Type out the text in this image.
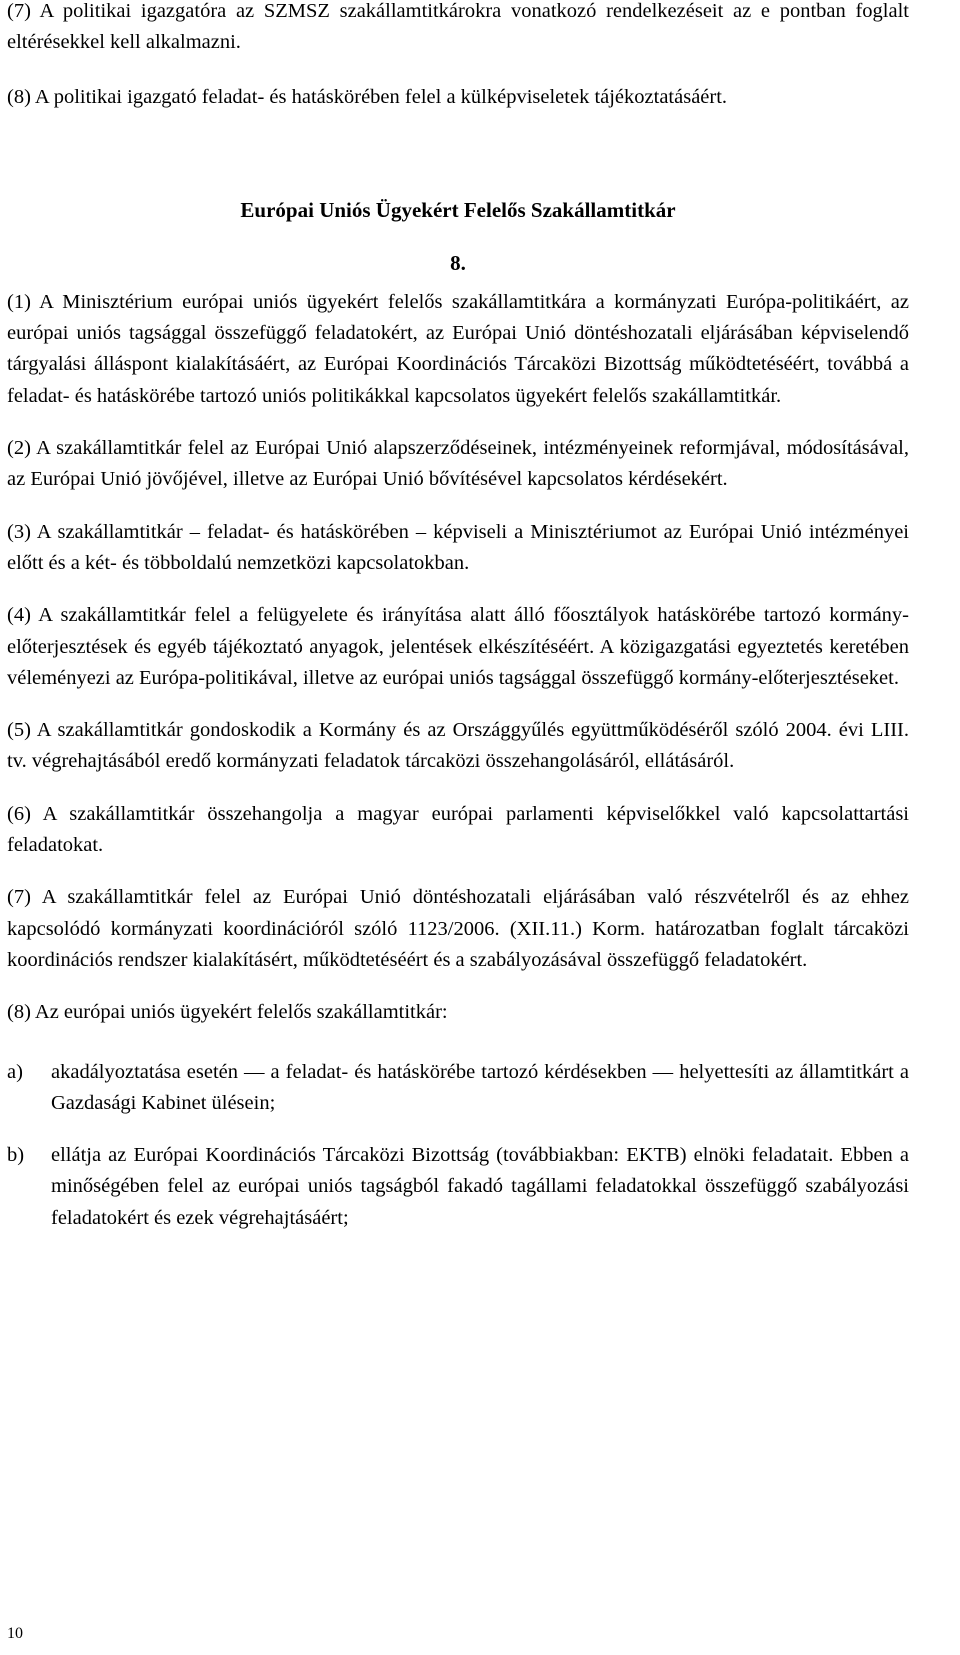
(7) A politikai igazgatóra az SZMSZ szakállamtitkárokra vonatkozó rendelkezéseit az e pontban foglalt eltérésekkel kell alkalmazni.

(8) A politikai igazgató feladat- és hatáskörében felel a külképviseletek tájékoztatásáért.

Európai Uniós Ügyekért Felelős Szakállamtitkár
8.

(1) A Minisztérium európai uniós ügyekért felelős szakállamtitkára a kormányzati Európa-politikáért, az európai uniós tagsággal összefüggő feladatokért, az Európai Unió döntéshozatali eljárásában képviselendő tárgyalási álláspont kialakításáért, az Európai Koordinációs Tárcaközi Bizottság működtetéséért, továbbá a feladat- és hatáskörébe tartozó uniós politikákkal kapcsolatos ügyekért felelős szakállamtitkár.

(2) A szakállamtitkár felel az Európai Unió alapszerződéseinek, intézményeinek reformjával, módosításával, az Európai Unió jövőjével, illetve az Európai Unió bővítésével kapcsolatos kérdésekért.

(3) A szakállamtitkár – feladat- és hatáskörében – képviseli a Minisztériumot az Európai Unió intézményei előtt és a két- és többoldalú nemzetközi kapcsolatokban.

(4) A szakállamtitkár felel a felügyelete és irányítása alatt álló főosztályok hatáskörébe tartozó kormány-előterjesztések és egyéb tájékoztató anyagok, jelentések elkészítéséért. A közigazgatási egyeztetés keretében véleményezi az Európa-politikával, illetve az európai uniós tagsággal összefüggő kormány-előterjesztéseket.

(5) A szakállamtitkár gondoskodik a Kormány és az Országgyűlés együttműködéséről szóló 2004. évi LIII. tv. végrehajtásából eredő kormányzati feladatok tárcaközi összehangolásáról, ellátásáról.

(6) A szakállamtitkár összehangolja a magyar európai parlamenti képviselőkkel való kapcsolattartási feladatokat.

(7) A szakállamtitkár felel az Európai Unió döntéshozatali eljárásában való részvételről és az ehhez kapcsolódó kormányzati koordinációról szóló 1123/2006. (XII.11.) Korm. határozatban foglalt tárcaközi koordinációs rendszer kialakításért, működtetéséért és a szabályozásával összefüggő feladatokért.

(8) Az európai uniós ügyekért felelős szakállamtitkár:

a)	akadályoztatása esetén ― a feladat- és hatáskörébe tartozó kérdésekben ― helyettesíti az államtitkárt a Gazdasági Kabinet ülésein;

b)	ellátja az Európai Koordinációs Tárcaközi Bizottság (továbbiakban: EKTB) elnöki feladatait. Ebben a minőségében felel az európai uniós tagságból fakadó tagállami feladatokkal összefüggő szabályozási feladatokért és ezek végrehajtásáért;

10
